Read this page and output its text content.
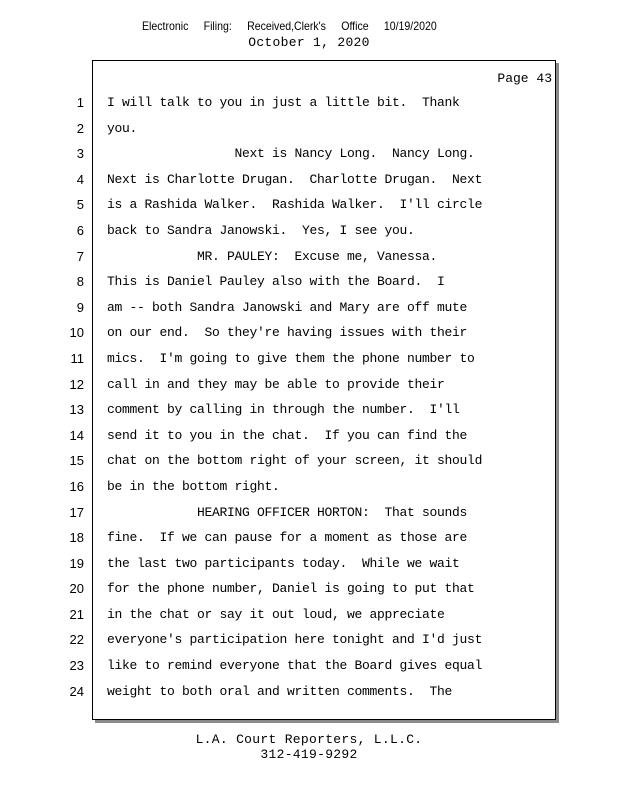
Electronic Filing: Received,Clerk's Office 10/19/2020
October 1, 2020
Page 43
1
2
3
4
5
6
7
8
9
10
11
12
13
14
15
16
17
18
19
20
21
22
23
24
I will talk to you in just a little bit.  Thank
you.
Next is Nancy Long.  Nancy Long.
Next is Charlotte Drugan.  Charlotte Drugan.  Next
is a Rashida Walker.  Rashida Walker.  I'll circle
back to Sandra Janowski.  Yes, I see you.
MR. PAULEY:  Excuse me, Vanessa.
This is Daniel Pauley also with the Board.  I
am -- both Sandra Janowski and Mary are off mute
on our end.  So they're having issues with their
mics.  I'm going to give them the phone number to
call in and they may be able to provide their
comment by calling in through the number.  I'll
send it to you in the chat.  If you can find the
chat on the bottom right of your screen, it should
be in the bottom right.
HEARING OFFICER HORTON:  That sounds
fine.  If we can pause for a moment as those are
the last two participants today.  While we wait
for the phone number, Daniel is going to put that
in the chat or say it out loud, we appreciate
everyone's participation here tonight and I'd just
like to remind everyone that the Board gives equal
weight to both oral and written comments.  The
L.A. Court Reporters, L.L.C.
312-419-9292
